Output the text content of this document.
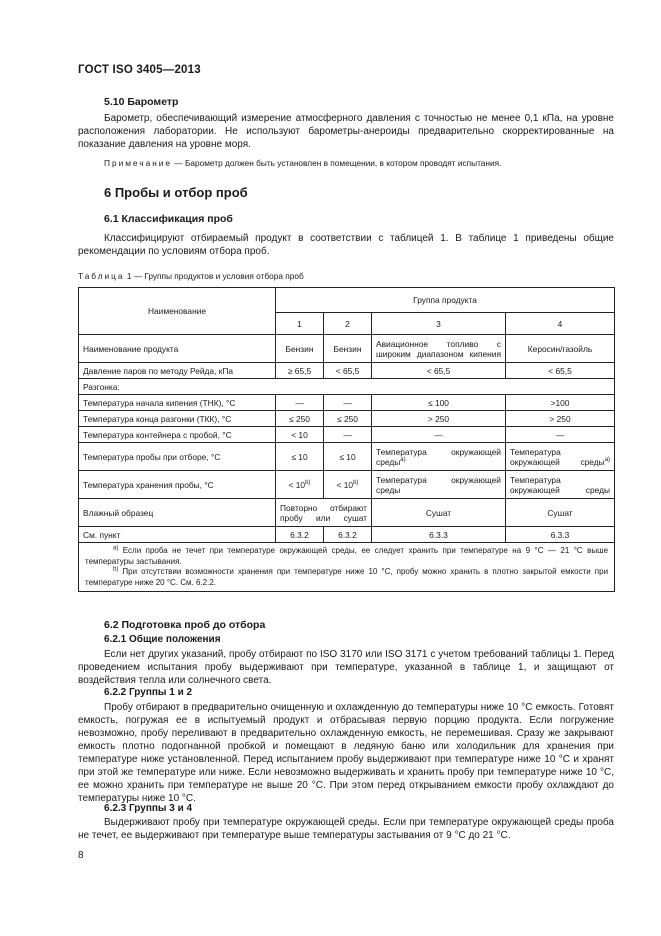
ГОСТ ISO 3405—2013
5.10 Барометр

Барометр, обеспечивающий измерение атмосферного давления с точностью не менее 0,1 кПа, на уровне расположения лаборатории. Не используют барометры-анероиды предварительно скорректированные на показание давления на уровне моря.

Примечание — Барометр должен быть установлен в помещении, в котором проводят испытания.
6 Пробы и отбор проб
6.1 Классификация проб

Классифицируют отбираемый продукт в соответствии с таблицей 1. В таблице 1 приведены общие рекомендации по условиям отбора проб.

Таблица 1 — Группы продуктов и условия отбора проб
Наименование	Группа продукта			
	1	2	3	4
Наименование продукта	Бензин	Бензин	Авиационное топливо с широким диапазоном кипения	Керосин/газойль
Давление паров по методу Рейда, кПа	≥ 65,5	< 65,5	< 65,5	< 65,5
Разгонка:				
Температура начала кипения (ТНК), °С	—	—	≤ 100	>100
Температура конца разгонки (ТКК), °С	≤ 250	≤ 250	> 250	> 250
Температура контейнера с пробой, °С	< 10	—	—	—
Температура пробы при отборе, °С	≤ 10	≤ 10	Температура окружающей среды$^{а)}$	Температура окружающей среды$^{а)}$
Температура хранения пробы, °С	< $10^{b)}$	< $10^{b)}$	Температура окружающей среды	Температура окружающей среды
Влажный образец	Повторно отбирают пробу или сушат		Сушат	Сушат
См. пункт	6.3.2	6.3.2	6.3.3	6.3.3

$^{а)}$ Если проба не течет при температуре окружающей среды, ее следует хранить при температуре на 9 °С — 21 °С выше температуры застывания.
$^{b)}$ При отсутствии возможности хранения при температуре ниже 10 °С, пробу можно хранить в плотно закрытой емкости при температуре ниже 20 °С. См. 6.2.2.				
6.2 Подготовка проб до отбора
6.2.1 Общие положения

Если нет других указаний, пробу отбирают по ISO 3170 или ISO 3171 с учетом требований таблицы 1. Перед проведением испытания пробу выдерживают при температуре, указанной в таблице 1, и защищают от воздействия тепла или солнечного света.

6.2.2 Группы 1 и 2

Пробу отбирают в предварительно очищенную и охлажденную до температуры ниже 10 °С емкость. Готовят емкость, погружая ее в испытуемый продукт и отбрасывая первую порцию продукта. Если погружение невозможно, пробу переливают в предварительно охлажденную емкость, не перемешивая. Сразу же закрывают емкость плотно подогнанной пробкой и помещают в ледяную баню или холодильник для хранения при температуре ниже установленной. Перед испытанием пробу выдерживают при температуре ниже 10 °С и хранят при этой же температуре или ниже. Если невозможно выдерживать и хранить пробу при температуре ниже 10 °С, ее можно хранить при температуре не выше 20 °С. При этом перед открыванием емкости пробу охлаждают до температуры ниже 10 °С.

6.2.3 Группы 3 и 4

Выдерживают пробу при температуре окружающей среды. Если при температуре окружающей среды проба не течет, ее выдерживают при температуре выше температуры застывания от 9 °С до 21 °С.

8
